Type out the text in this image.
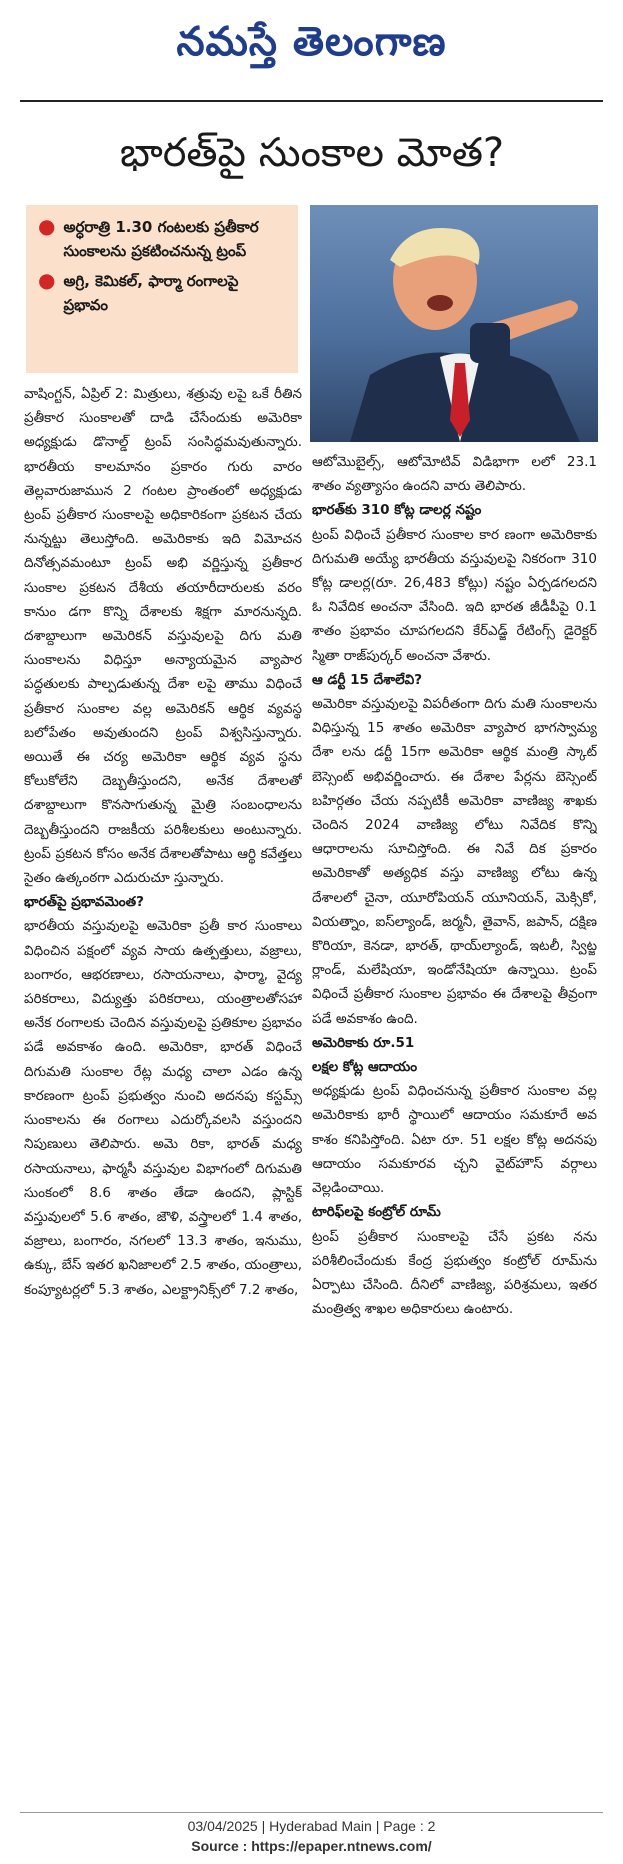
నమస్తే తెలంగాణ
భారత్‌పై సుంకాల మోత?
● అర్ధరాత్రి 1.30 గంటలకు ప్రతీకార సుంకాలను ప్రకటించనున్న ట్రంప్
● అగ్రి, కెమికల్, ఫార్మా రంగాలపై ప్రభావం

వాషింగ్టన్, ఏప్రిల్ 2: మిత్రులు, శత్రువు లపై ఒకే రీతిన ప్రతీకార సుంకాలతో దాడి చేసేందుకు అమెరికా అధ్యక్షుడు డొనాల్డ్ ట్రంప్ సంసిద్ధమవుతున్నారు. భారతీయ కాలమానం ప్రకారం గురు వారం తెల్లవారుజామున 2 గంటల ప్రాంతంలో అధ్యక్షుడు ట్రంప్ ప్రతీకార సుంకాలపై అధికారికంగా ప్రకటన చేయ నున్నట్టు తెలుస్తోంది. అమెరికాకు ఇది విమోచన దినోత్సవమంటూ ట్రంప్ అభి వర్ణిస్తున్న ప్రతీకార సుంకాల ప్రకటన దేశీయ తయారీదారులకు వరం కానుం డగా కొన్ని దేశాలకు శిక్షగా మారనున్నది. దశాబ్దాలుగా అమెరికన్ వస్తువులపై దిగు మతి సుంకాలను విధిస్తూ అన్యాయమైన వ్యాపార పద్ధతులకు పాల్పడుతున్న దేశా లపై తాము విధించే ప్రతీకార సుంకాల వల్ల అమెరికన్ ఆర్థిక వ్యవస్థ బలోపేతం అవుతుందని ట్రంప్ విశ్వసిస్తున్నారు. అయితే ఈ చర్య అమెరికా ఆర్థిక వ్యవ స్థను కోలుకోలేని దెబ్బతీస్తుందని, అనేక దేశాలతో దశాబ్దాలుగా కొనసాగుతున్న మైత్రి సంబంధాలను దెబ్బతీస్తుందని రాజకీయ పరిశీలకులు అంటున్నారు. ట్రంప్ ప్రకటన కోసం అనేక దేశాలతోపాటు ఆర్థి కవేత్తలు సైతం ఉత్కంఠగా ఎదురుచూ స్తున్నారు.

భారత్‌పై ప్రభావమెంత?

భారతీయ వస్తువులపై అమెరికా ప్రతీ కార సుంకాలు విధించిన పక్షంలో వ్యవ సాయ ఉత్పత్తులు, వజ్రాలు, బంగారం, ఆభరణాలు, రసాయనాలు, ఫార్మా, వైద్య పరికరాలు, విద్యుత్తు పరికరాలు, యంత్రాలతోసహా అనేక రంగాలకు చెందిన వస్తువులపై ప్రతికూల ప్రభావం పడే అవకాశం ఉంది. అమెరికా, భారత్ విధించే దిగుమతి సుంకాల రేట్ల మధ్య చాలా ఎడం ఉన్న కారణంగా ట్రంప్ ప్రభుత్వం నుంచి అదనపు కస్టమ్స్ సుంకాలను ఈ రంగాలు ఎదుర్కోవలసి వస్తుందని నిపుణులు తెలిపారు. అమె రికా, భారత్ మధ్య రసాయనాలు, ఫార్మసీ వస్తువుల విభాగంలో దిగుమతి సుంకంలో 8.6 శాతం తేడా ఉందని, ప్లాస్టిక్ వస్తువులలో 5.6 శాతం, జౌళి, వస్త్రాలలో 1.4 శాతం, వజ్రాలు, బంగారం, నగలలో 13.3 శాతం, ఇనుము, ఉక్కు, బేస్ ఇతర ఖనిజాలలో 2.5 శాతం, యంత్రాలు, కంప్యూటర్లలో 5.3 శాతం, ఎలక్ట్రానిక్స్‌లో 7.2 శాతం,

ఆటోమొబైల్స్, ఆటోమోటివ్ విడిభాగా లలో 23.1 శాతం వ్యత్యాసం ఉందని వారు తెలిపారు.

భారత్‌కు 310 కోట్ల డాలర్ల నష్టం

ట్రంప్ విధించే ప్రతీకార సుంకాల కార ణంగా అమెరికాకు దిగుమతి అయ్యే భారతీయ వస్తువులపై నికరంగా 310 కోట్ల డాలర్ల(రూ. 26,483 కోట్లు) నష్టం ఏర్పడగలదని ఓ నివేదిక అంచనా వేసింది. ఇది భారత జీడీపీపై 0.1 శాతం ప్రభావం చూపగలదని కేర్‌ఎడ్జ్ రేటింగ్స్ డైరెక్టర్ స్మితా రాజ్‌పుర్కర్ అంచనా వేశారు.

ఆ డర్టీ 15 దేశాలేవి?

అమెరికా వస్తువులపై విపరీతంగా దిగు మతి సుంకాలను విధిస్తున్న 15 శాతం అమెరికా వ్యాపార భాగస్వామ్య దేశా లను డర్టీ 15గా అమెరికా ఆర్థిక మంత్రి స్కాట్ బెస్సెంట్ అభివర్ణించారు. ఈ దేశాల పేర్లను బెస్సెంట్ బహిర్గతం చేయ నప్పటికీ అమెరికా వాణిజ్య శాఖకు చెందిన 2024 వాణిజ్య లోటు నివేదిక కొన్ని ఆధారాలను సూచిస్తోంది. ఈ నివే దిక ప్రకారం అమెరికాతో అత్యధిక వస్తు వాణిజ్య లోటు ఉన్న దేశాలలో చైనా, యూరోపియన్ యూనియన్, మెక్సికో, వియత్నాం, ఐస్‌ల్యాండ్, జర్మనీ, తైవాన్, జపాన్, దక్షిణ కొరియా, కెనడా, భారత్, థాయ్‌ల్యాండ్, ఇటలీ, స్విట్జ ర్లాండ్, మలేషియా, ఇండోనేషియా ఉన్నాయి. ట్రంప్ విధించే ప్రతీకార సుంకాల ప్రభావం ఈ దేశాలపై తీవ్రంగా పడే అవకాశం ఉంది.

అమెరికాకు రూ.51

లక్షల కోట్ల ఆదాయం

అధ్యక్షుడు ట్రంప్ విధించనున్న ప్రతీకార సుంకాల వల్ల అమెరికాకు భారీ స్థాయిలో ఆదాయం సమకూరే అవ కాశం కనిపిస్తోంది. ఏటా రూ. 51 లక్షల కోట్ల అదనపు ఆదాయం సమకూరవ చ్చని వైట్‌హౌస్ వర్గాలు వెల్లడించాయి.

టారిఫ్‌లపై కంట్రోల్ రూమ్

ట్రంప్ ప్రతీకార సుంకాలపై చేసే ప్రకట నను పరిశీలించేందుకు కేంద్ర ప్రభుత్వం కంట్రోల్ రూమ్‌ను ఏర్పాటు చేసింది. దీనిలో వాణిజ్య, పరిశ్రమలు, ఇతర మంత్రిత్వ శాఖల అధికారులు ఉంటారు.

03/04/2025 | Hyderabad Main | Page : 2
Source : https://epaper.ntnews.com/
